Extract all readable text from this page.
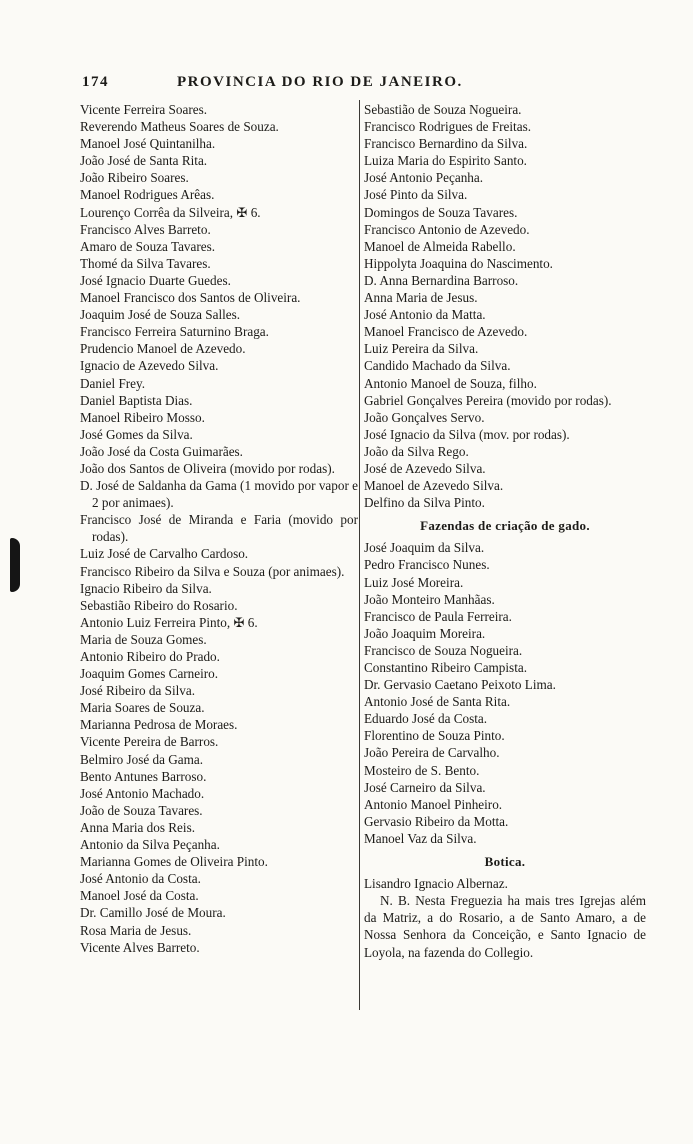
174	PROVINCIA DO RIO DE JANEIRO.
Vicente Ferreira Soares.
Reverendo Matheus Soares de Souza.
Manoel José Quintanilha.
João José de Santa Rita.
João Ribeiro Soares.
Manoel Rodrigues Arêas.
Lourenço Corrêa da Silveira, ✠ 6.
Francisco Alves Barreto.
Amaro de Souza Tavares.
Thomé da Silva Tavares.
José Ignacio Duarte Guedes.
Manoel Francisco dos Santos de Oliveira.
Joaquim José de Souza Salles.
Francisco Ferreira Saturnino Braga.
Prudencio Manoel de Azevedo.
Ignacio de Azevedo Silva.
Daniel Frey.
Daniel Baptista Dias.
Manoel Ribeiro Mosso.
José Gomes da Silva.
João José da Costa Guimarães.
João dos Santos de Oliveira (movido por rodas).
D. José de Saldanha da Gama (1 movido por vapor e 2 por animaes).
Francisco José de Miranda e Faria (movido por rodas).
Luiz José de Carvalho Cardoso.
Francisco Ribeiro da Silva e Souza (por animaes).
Ignacio Ribeiro da Silva.
Sebastião Ribeiro do Rosario.
Antonio Luiz Ferreira Pinto, ✠ 6.
Maria de Souza Gomes.
Antonio Ribeiro do Prado.
Joaquim Gomes Carneiro.
José Ribeiro da Silva.
Maria Soares de Souza.
Marianna Pedrosa de Moraes.
Vicente Pereira de Barros.
Belmiro José da Gama.
Bento Antunes Barroso.
José Antonio Machado.
João de Souza Tavares.
Anna Maria dos Reis.
Antonio da Silva Peçanha.
Marianna Gomes de Oliveira Pinto.
José Antonio da Costa.
Manoel José da Costa.
Dr. Camillo José de Moura.
Rosa Maria de Jesus.
Vicente Alves Barreto.
Sebastião de Souza Nogueira.
Francisco Rodrigues de Freitas.
Francisco Bernardino da Silva.
Luiza Maria do Espirito Santo.
José Antonio Peçanha.
José Pinto da Silva.
Domingos de Souza Tavares.
Francisco Antonio de Azevedo.
Manoel de Almeida Rabello.
Hippolyta Joaquina do Nascimento.
D. Anna Bernardina Barroso.
Anna Maria de Jesus.
José Antonio da Matta.
Manoel Francisco de Azevedo.
Luiz Pereira da Silva.
Candido Machado da Silva.
Antonio Manoel de Souza, filho.
Gabriel Gonçalves Pereira (movido por rodas).
João Gonçalves Servo.
José Ignacio da Silva (mov. por rodas).
João da Silva Rego.
José de Azevedo Silva.
Manoel de Azevedo Silva.
Delfino da Silva Pinto.
Fazendas de criação de gado.
José Joaquim da Silva.
Pedro Francisco Nunes.
Luiz José Moreira.
João Monteiro Manhãas.
Francisco de Paula Ferreira.
João Joaquim Moreira.
Francisco de Souza Nogueira.
Constantino Ribeiro Campista.
Dr. Gervasio Caetano Peixoto Lima.
Antonio José de Santa Rita.
Eduardo José da Costa.
Florentino de Souza Pinto.
João Pereira de Carvalho.
Mosteiro de S. Bento.
José Carneiro da Silva.
Antonio Manoel Pinheiro.
Gervasio Ribeiro da Motta.
Manoel Vaz da Silva.
Botica.
Lisandro Ignacio Albernaz.
N. B. Nesta Freguezia ha mais tres Igrejas além da Matriz, a do Rosario, a de Santo Amaro, a de Nossa Senhora da Conceição, e Santo Ignacio de Loyola, na fazenda do Collegio.
